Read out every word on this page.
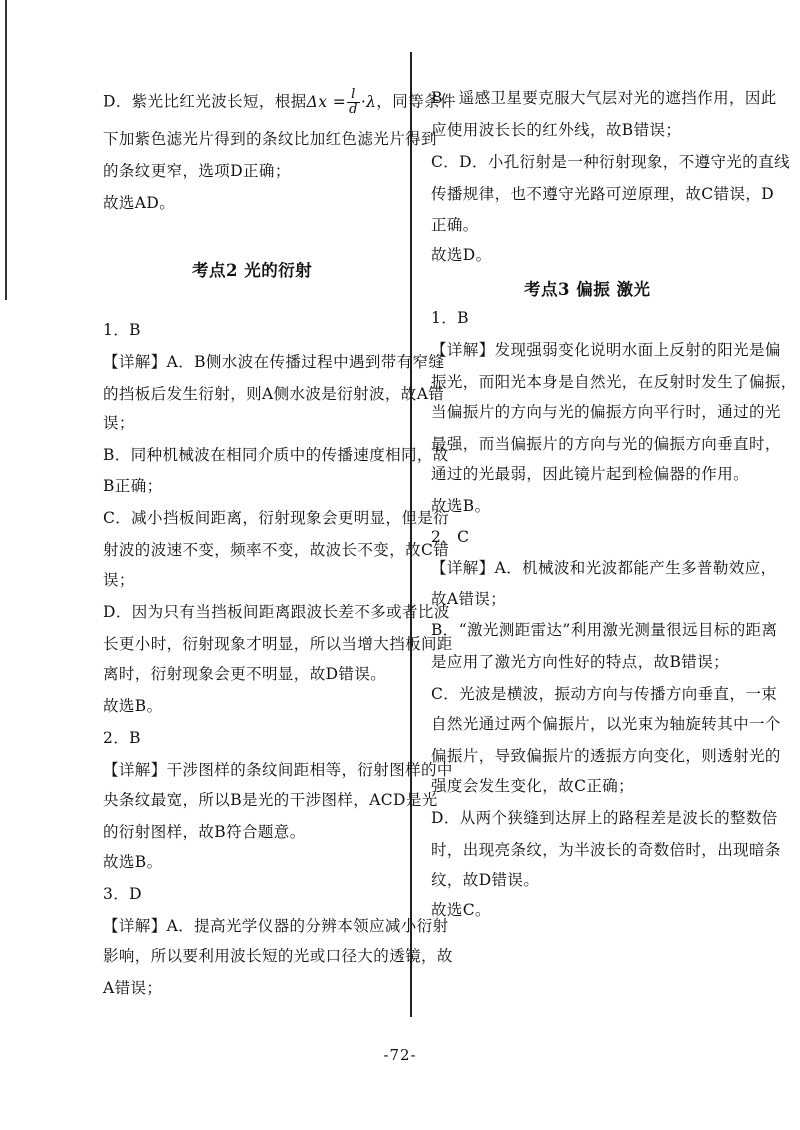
D．紫光比红光波长短，根据$\Delta x = \frac{l}{d} \cdot\lambda$，同等条件
下加紫色滤光片得到的条纹比加红色滤光片得到
的条纹更窄，选项D正确；
故选AD。
考点2 光的衍射
1．B
【详解】A．B侧水波在传播过程中遇到带有窄缝
的挡板后发生衍射，则A侧水波是衍射波，故A错
误；
B．同种机械波在相同介质中的传播速度相同，故
B正确；
C．减小挡板间距离，衍射现象会更明显，但是衍
射波的波速不变，频率不变，故波长不变，故C错
误；
D．因为只有当挡板间距离跟波长差不多或者比波
长更小时，衍射现象才明显，所以当增大挡板间距
离时，衍射现象会更不明显，故D错误。
故选B。
2．B
【详解】干涉图样的条纹间距相等，衍射图样的中
央条纹最宽，所以B是光的干涉图样，ACD是光
的衍射图样，故B符合题意。
故选B。
3．D
【详解】A．提高光学仪器的分辨本领应减小衍射
影响，所以要利用波长短的光或口径大的透镜，故
A错误；
B．遥感卫星要克服大气层对光的遮挡作用，因此
应使用波长长的红外线，故B错误；
C．D．小孔衍射是一种衍射现象，不遵守光的直线
传播规律，也不遵守光路可逆原理，故C错误，D
正确。
故选D。
考点3 偏振 激光
1．B
【详解】发现强弱变化说明水面上反射的阳光是偏
振光，而阳光本身是自然光，在反射时发生了偏振，
当偏振片的方向与光的偏振方向平行时，通过的光
最强，而当偏振片的方向与光的偏振方向垂直时，
通过的光最弱，因此镜片起到检偏器的作用。
故选B。
2．C
【详解】A．机械波和光波都能产生多普勒效应，
故A错误；
B．“激光测距雷达”利用激光测量很远目标的距离
是应用了激光方向性好的特点，故B错误；
C．光波是横波，振动方向与传播方向垂直，一束
自然光通过两个偏振片，以光束为轴旋转其中一个
偏振片，导致偏振片的透振方向变化，则透射光的
强度会发生变化，故C正确；
D．从两个狭缝到达屏上的路程差是波长的整数倍
时，出现亮条纹，为半波长的奇数倍时，出现暗条
纹，故D错误。
故选C。
-72-
